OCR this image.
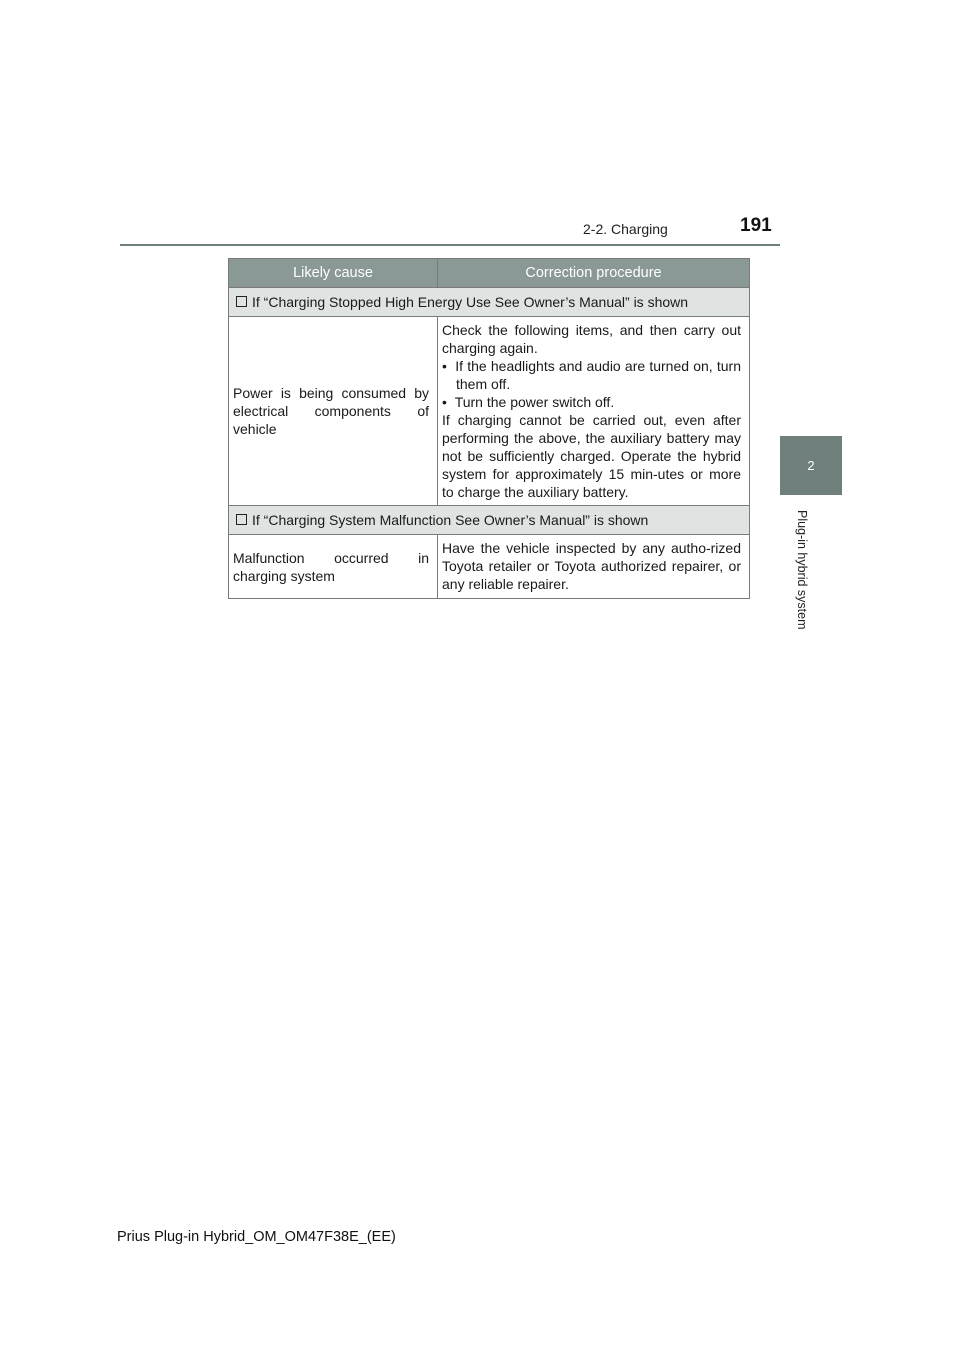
2-2. Charging	191
2
Plug-in hybrid system
Likely cause	Correction procedure
If “Charging Stopped High Energy Use See Owner’s Manual” is shown	
Power is being consumed by electrical components of vehicle	Check the following items, and then carry out charging again.
•  If the headlights and audio are turned on, turn them off.
•  Turn the power switch off.
If charging cannot be carried out, even after performing the above, the auxiliary battery may not be sufficiently charged. Operate the hybrid system for approximately 15 min-utes or more to charge the auxiliary battery.

If “Charging System Malfunction See Owner’s Manual” is shown	
Malfunction occurred in charging system	Have the vehicle inspected by any autho-rized Toyota retailer or Toyota authorized repairer, or any reliable repairer.
Prius Plug-in Hybrid_OM_OM47F38E_(EE)
